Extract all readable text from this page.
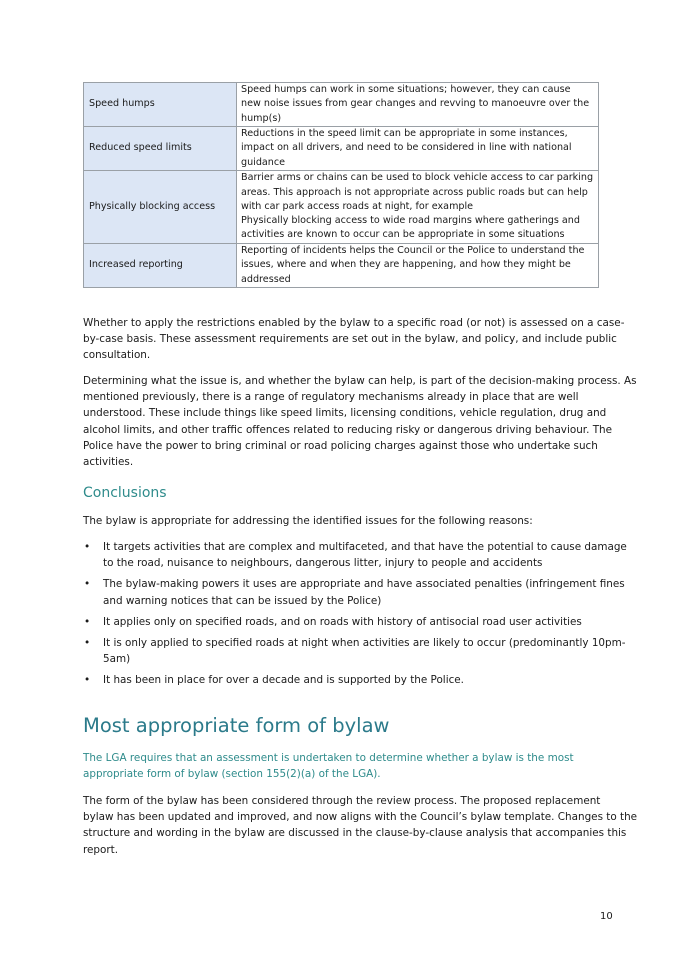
Speed humps	Speed humps can work in some situations; however, they can cause
new noise issues from gear changes and revving to manoeuvre over the
hump(s)

Reduced speed limits	Reductions in the speed limit can be appropriate in some instances,
impact on all drivers, and need to be considered in line with national
guidance

Physically blocking access	Barrier arms or chains can be used to block vehicle access to car parking
areas. This approach is not appropriate across public roads but can help
with car park access roads at night, for example
Physically blocking access to wide road margins where gatherings and
activities are known to occur can be appropriate in some situations

Increased reporting	Reporting of incidents helps the Council or the Police to understand the
issues, where and when they are happening, and how they might be
addressed

Whether to apply the restrictions enabled by the bylaw to a specific road (or not) is assessed on a case-
by-case basis. These assessment requirements are set out in the bylaw, and policy, and include public
consultation.

Determining what the issue is, and whether the bylaw can help, is part of the decision-making process. As
mentioned previously, there is a range of regulatory mechanisms already in place that are well
understood. These include things like speed limits, licensing conditions, vehicle regulation, drug and
alcohol limits, and other traffic offences related to reducing risky or dangerous driving behaviour. The
Police have the power to bring criminal or road policing charges against those who undertake such
activities.

Conclusions

The bylaw is appropriate for addressing the identified issues for the following reasons:

• It targets activities that are complex and multifaceted, and that have the potential to cause damage
to the road, nuisance to neighbours, dangerous litter, injury to people and accidents
• The bylaw-making powers it uses are appropriate and have associated penalties (infringement fines
and warning notices that can be issued by the Police)
• It applies only on specified roads, and on roads with history of antisocial road user activities
• It is only applied to specified roads at night when activities are likely to occur (predominantly 10pm-
5am)
• It has been in place for over a decade and is supported by the Police.
Most appropriate form of bylaw

The LGA requires that an assessment is undertaken to determine whether a bylaw is the most
appropriate form of bylaw (section 155(2)(a) of the LGA).

The form of the bylaw has been considered through the review process. The proposed replacement
bylaw has been updated and improved, and now aligns with the Council’s bylaw template. Changes to the
structure and wording in the bylaw are discussed in the clause-by-clause analysis that accompanies this
report.

10
